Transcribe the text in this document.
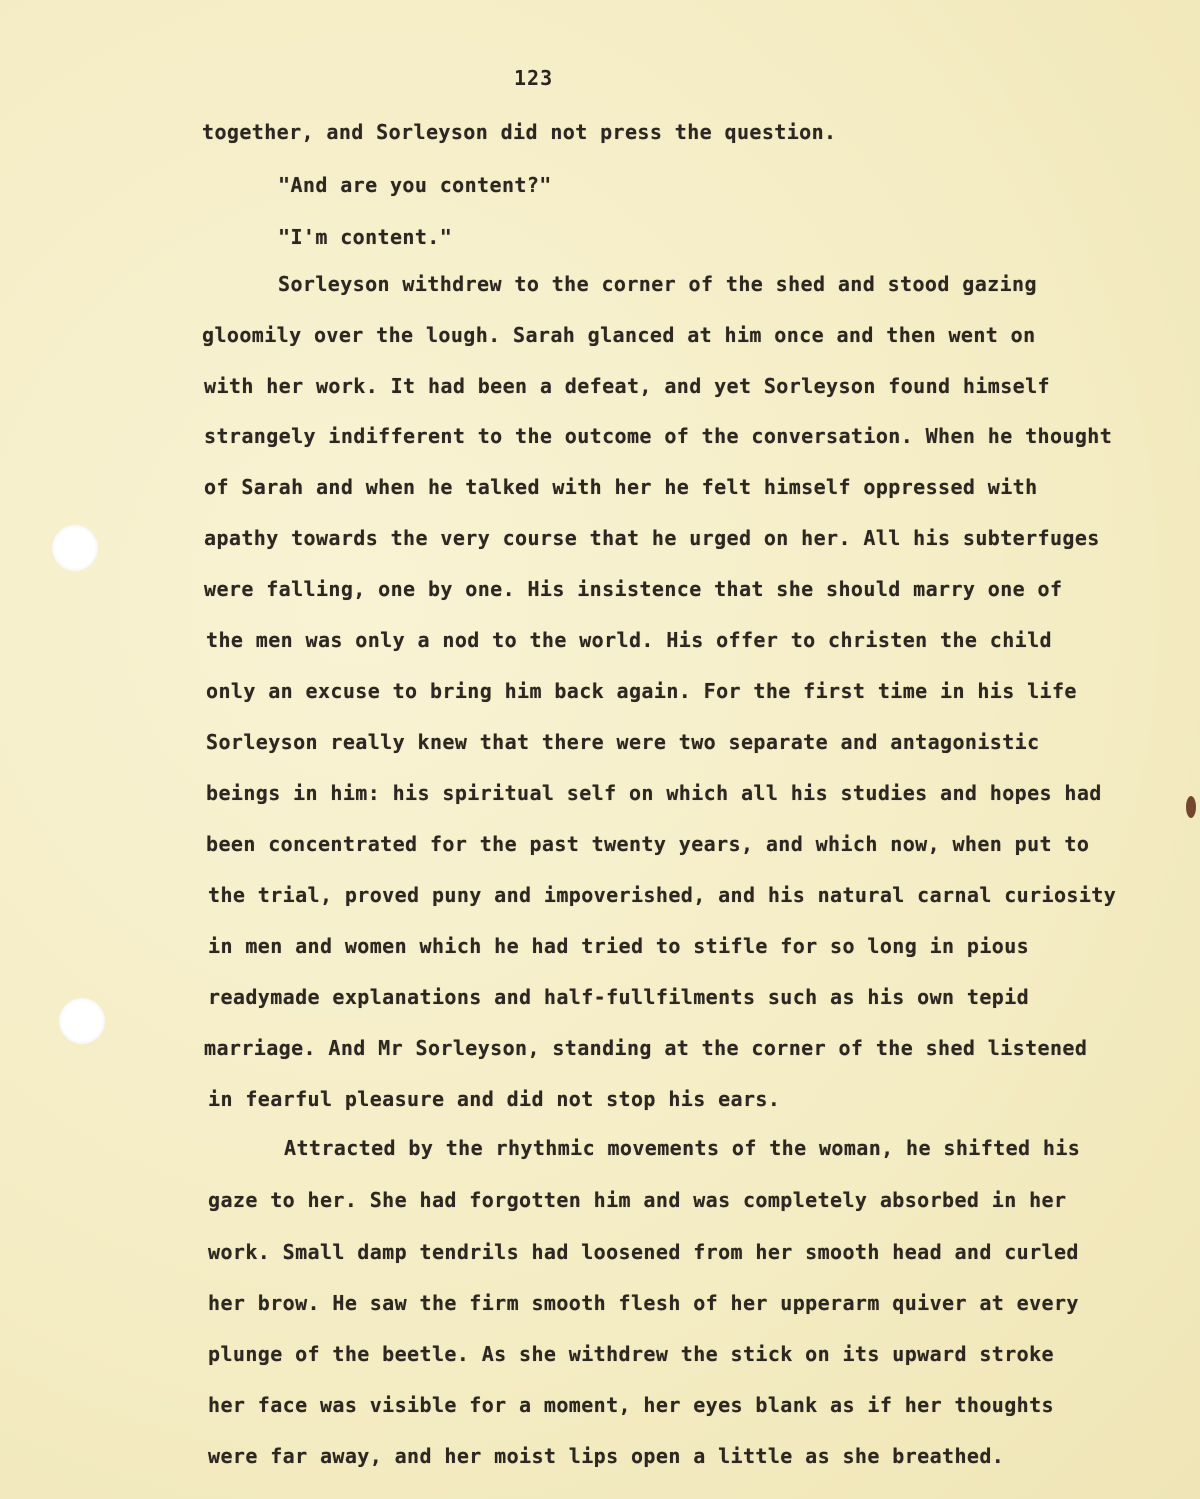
123
together, and Sorleyson did not press the question.
"And are you content?"
"I'm content."
Sorleyson withdrew to the corner of the shed and stood gazing
gloomily over the lough. Sarah glanced at him once and then went on
with her work. It had been a defeat, and yet Sorleyson found himself
strangely indifferent to the outcome of the conversation. When he thought
of Sarah and when he talked with her he felt himself oppressed with
apathy towards the very course that he urged on her. All his subterfuges
were falling, one by one. His insistence that she should marry one of
the men was only a nod to the world. His offer to christen the child
only an excuse to bring him back again. For the first time in his life
Sorleyson really knew that there were two separate and antagonistic
beings in him: his spiritual self on which all his studies and hopes had
been concentrated for the past twenty years, and which now, when put to
the trial, proved puny and impoverished, and his natural carnal curiosity
in men and women which he had tried to stifle for so long in pious
readymade explanations and half-fullfilments such as his own tepid
marriage. And Mr Sorleyson, standing at the corner of the shed listened
in fearful pleasure and did not stop his ears.
Attracted by the rhythmic movements of the woman, he shifted his
gaze to her. She had forgotten him and was completely absorbed in her
work. Small damp tendrils had loosened from her smooth head and curled
her brow. He saw the firm smooth flesh of her upperarm quiver at every
plunge of the beetle. As she withdrew the stick on its upward stroke
her face was visible for a moment, her eyes blank as if her thoughts
were far away, and her moist lips open a little as she breathed.
